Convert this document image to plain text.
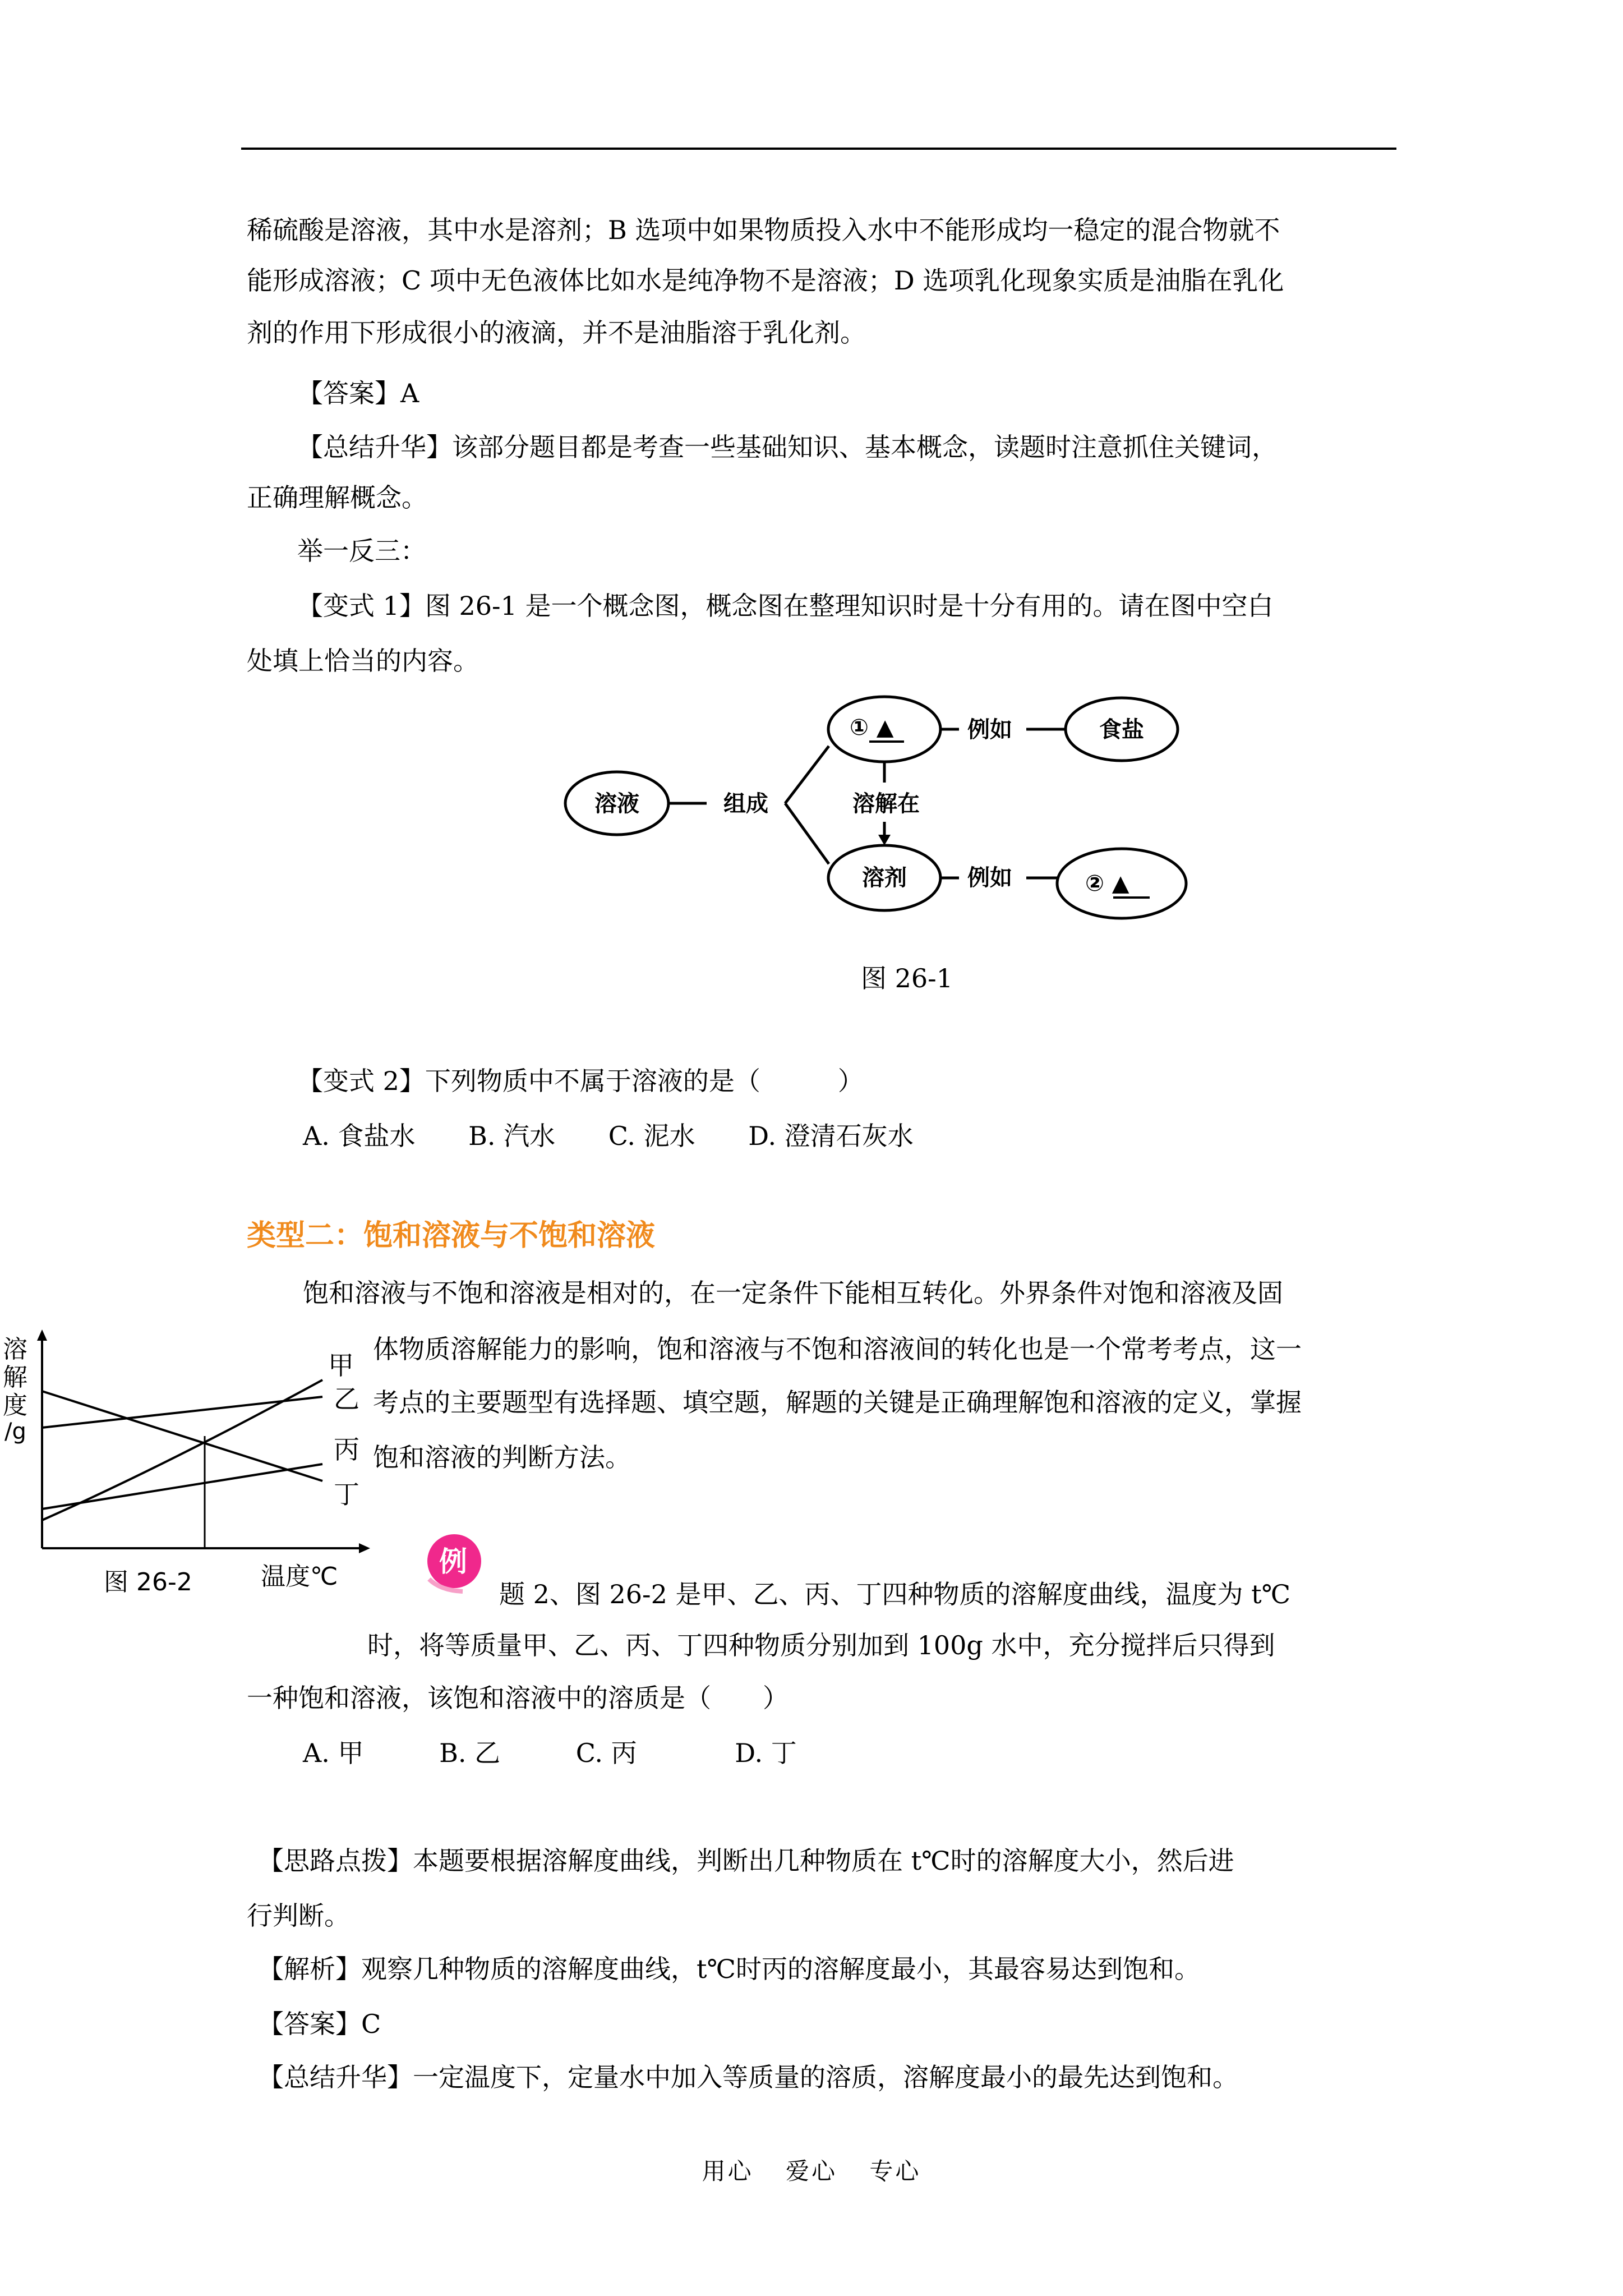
稀硫酸是溶液，其中水是溶剂；B 选项中如果物质投入水中不能形成均一稳定的混合物就不
能形成溶液；C 项中无色液体比如水是纯净物不是溶液；D 选项乳化现象实质是油脂在乳化
剂的作用下形成很小的液滴，并不是油脂溶于乳化剂。
【答案】A
【总结升华】该部分题目都是考查一些基础知识、基本概念，读题时注意抓住关键词，
正确理解概念。
举一反三：
【变式 1】图 26-1 是一个概念图，概念图在整理知识时是十分有用的。请在图中空白
处填上恰当的内容。
溶液	组成
① ▲	例如	食盐
溶解在
溶剂	例如	② ▲
图 26-1
【变式 2】下列物质中不属于溶液的是（　　　）
A. 食盐水 B. 汽水 C. 泥水 D. 澄清石灰水
类型二：饱和溶液与不饱和溶液
饱和溶液与不饱和溶液是相对的，在一定条件下能相互转化。外界条件对饱和溶液及固
体物质溶解能力的影响，饱和溶液与不饱和溶液间的转化也是一个常考考点，这一
考点的主要题型有选择题、填空题，解题的关键是正确理解饱和溶液的定义，掌握
饱和溶液的判断方法。
溶
解
度
/g
甲
乙
丙
丁
温度℃
图 26-2
例
题 2、图 26-2 是甲、乙、丙、丁四种物质的溶解度曲线，温度为 t℃
时，将等质量甲、乙、丙、丁四种物质分别加到 100g 水中，充分搅拌后只得到
一种饱和溶液，该饱和溶液中的溶质是（　　）
A. 甲	B. 乙	C. 丙	D. 丁
【思路点拨】本题要根据溶解度曲线，判断出几种物质在 t℃时的溶解度大小，然后进
行判断。
【解析】观察几种物质的溶解度曲线，t℃时丙的溶解度最小，其最容易达到饱和。
【答案】C
【总结升华】一定温度下，定量水中加入等质量的溶质，溶解度最小的最先达到饱和。
用心 爱心 专心
